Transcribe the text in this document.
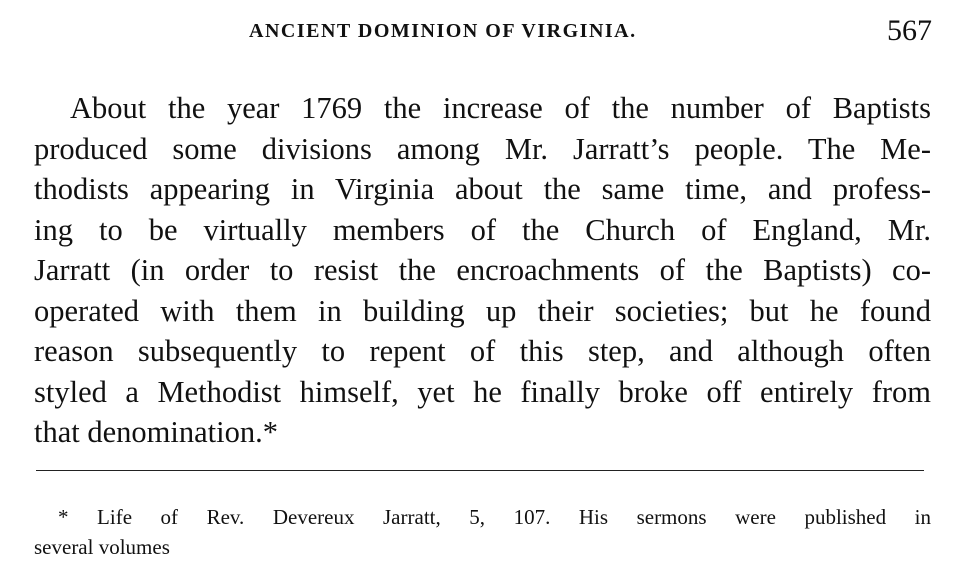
ANCIENT DOMINION OF VIRGINIA.	567
About the year 1769 the increase of the number of Baptists
produced some divisions among Mr. Jarratt’s people. The Me-
thodists appearing in Virginia about the same time, and profess-
ing to be virtually members of the Church of England, Mr.
Jarratt (in order to resist the encroachments of the Baptists) co-
operated with them in building up their societies; but he found
reason subsequently to repent of this step, and although often
styled a Methodist himself, yet he finally broke off entirely from
that denomination.*
* Life of Rev. Devereux Jarratt, 5, 107. His sermons were published in
several volumes
